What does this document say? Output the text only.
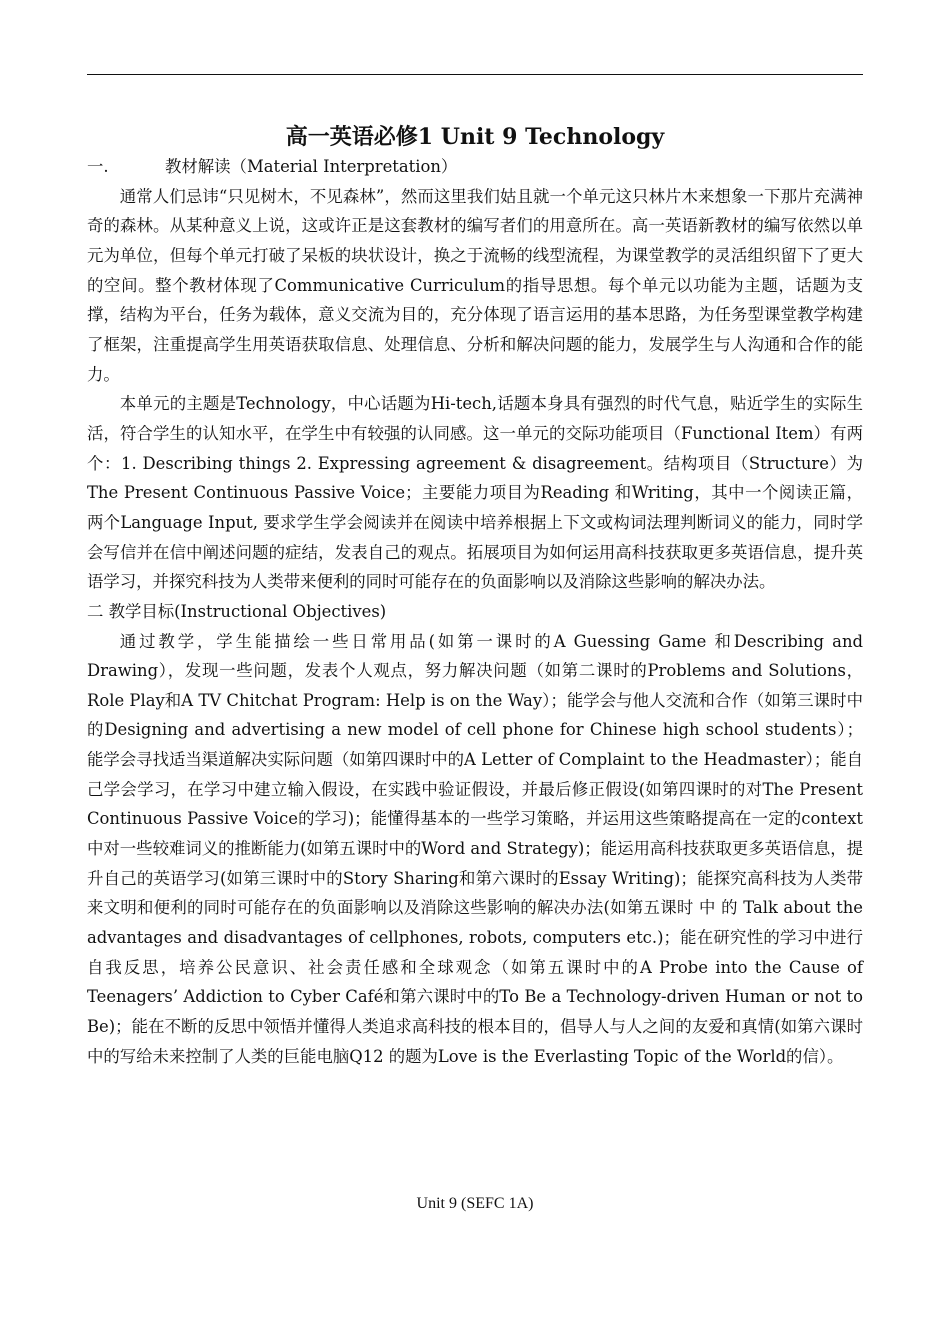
高一英语必修1 Unit 9 Technology

一.	教材解读（Material Interpretation）

通常人们忌讳“只见树木，不见森林”，然而这里我们姑且就一个单元这只林片木来想象一下那片充满神奇的森林。从某种意义上说，这或许正是这套教材的编写者们的用意所在。高一英语新教材的编写依然以单元为单位，但每个单元打破了呆板的块状设计，换之于流畅的线型流程，为课堂教学的灵活组织留下了更大的空间。整个教材体现了Communicative Curriculum的指导思想。每个单元以功能为主题，话题为支撑，结构为平台，任务为载体，意义交流为目的，充分体现了语言运用的基本思路，为任务型课堂教学构建了框架，注重提高学生用英语获取信息、处理信息、分析和解决问题的能力，发展学生与人沟通和合作的能力。

本单元的主题是Technology，中心话题为Hi-tech,话题本身具有强烈的时代气息，贴近学生的实际生活，符合学生的认知水平，在学生中有较强的认同感。这一单元的交际功能项目（Functional Item）有两个：1. Describing things 2. Expressing agreement & disagreement。结构项目（Structure）为The Present Continuous Passive Voice；主要能力项目为Reading 和Writing，其中一个阅读正篇，两个Language Input, 要求学生学会阅读并在阅读中培养根据上下文或构词法理判断词义的能力，同时学会写信并在信中阐述问题的症结，发表自己的观点。拓展项目为如何运用高科技获取更多英语信息，提升英语学习，并探究科技为人类带来便利的同时可能存在的负面影响以及消除这些影响的解决办法。

二 教学目标(Instructional Objectives)

通过教学，学生能描绘一些日常用品(如第一课时的A Guessing Game 和Describing and Drawing），发现一些问题，发表个人观点，努力解决问题（如第二课时的Problems and Solutions，Role Play和A TV Chitchat Program: Help is on the Way）；能学会与他人交流和合作（如第三课时中的Designing and advertising a new model of cell phone for Chinese high school students）；能学会寻找适当渠道解决实际问题（如第四课时中的A Letter of Complaint to the Headmaster）；能自己学会学习，在学习中建立输入假设，在实践中验证假设，并最后修正假设(如第四课时的对The Present Continuous Passive Voice的学习)；能懂得基本的一些学习策略，并运用这些策略提高在一定的context 中对一些较难词义的推断能力(如第五课时中的Word and Strategy)；能运用高科技获取更多英语信息，提升自己的英语学习(如第三课时中的Story Sharing和第六课时的Essay Writing)；能探究高科技为人类带来文明和便利的同时可能存在的负面影响以及消除这些影响的解决办法(如第五课时 中 的 Talk about the advantages and disadvantages of cellphones, robots, computers etc.)；能在研究性的学习中进行自我反思，培养公民意识、社会责任感和全球观念（如第五课时中的A Probe into the Cause of Teenagers’ Addiction to Cyber Café和第六课时中的To Be a Technology-driven Human or not to Be)；能在不断的反思中领悟并懂得人类追求高科技的根本目的，倡导人与人之间的友爱和真情(如第六课时中的写给未来控制了人类的巨能电脑Q12 的题为Love is the Everlasting Topic of the World的信）。

Unit 9 (SEFC 1A)
